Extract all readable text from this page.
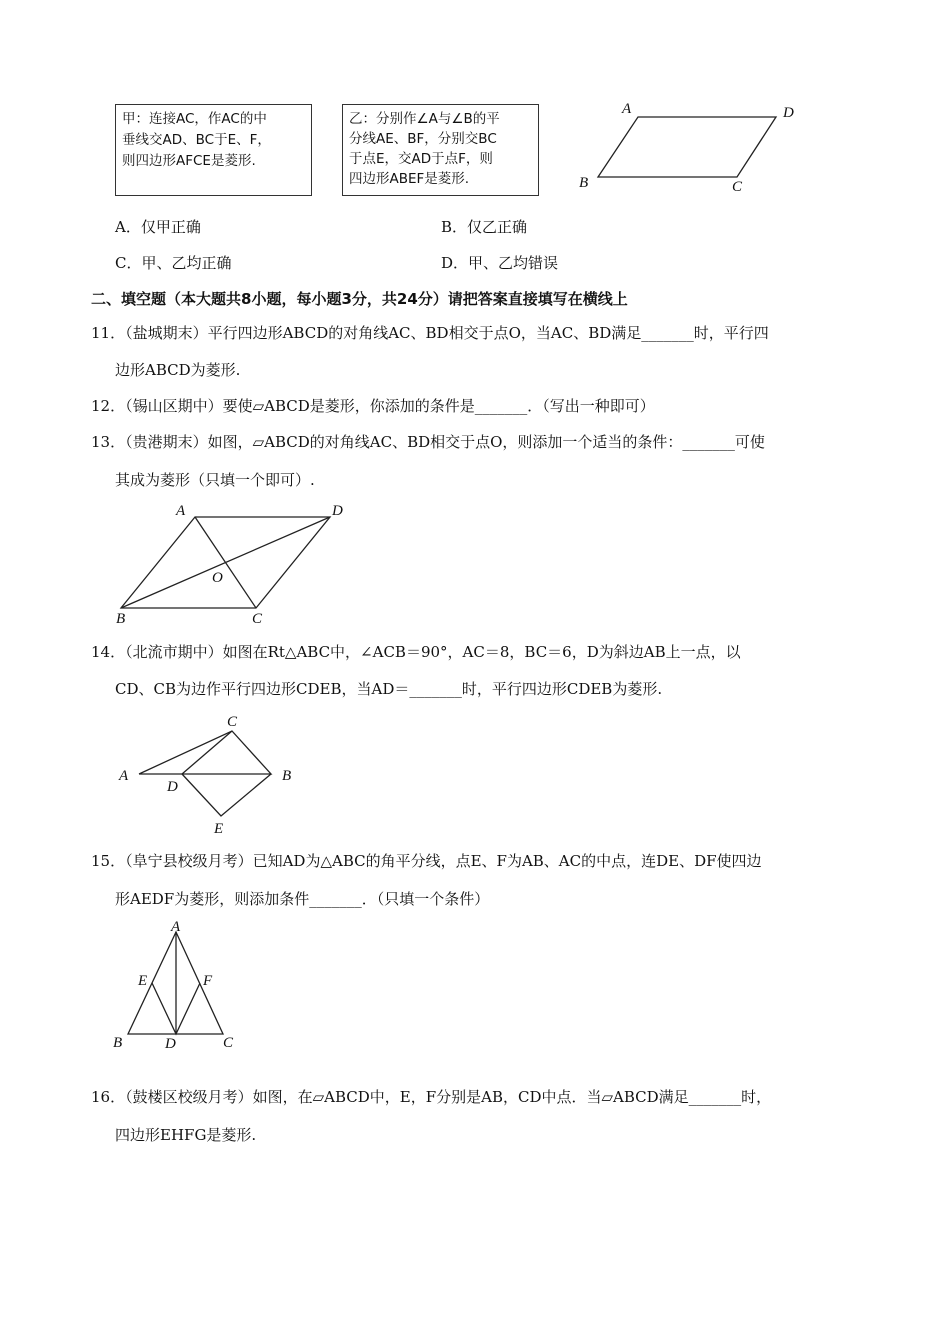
甲：连接AC，作AC的中
垂线交AD、BC于E、F，
则四边形AFCE是菱形.
乙：分别作∠A与∠B的平
分线AE、BF，分别交BC
于点E，交AD于点F，则
四边形ABEF是菱形.
A	D
B	C
A．仅甲正确	B．仅乙正确
C．甲、乙均正确	D．甲、乙均错误
二、填空题（本大题共8小题，每小题3分，共24分）请把答案直接填写在横线上
11．（盐城期末）平行四边形ABCD的对角线AC、BD相交于点O，当AC、BD满足_______时，平行四
边形ABCD为菱形.
12．（锡山区期中）要使▱ABCD是菱形，你添加的条件是_______．（写出一种即可）
13．（贵港期末）如图，▱ABCD的对角线AC、BD相交于点O，则添加一个适当的条件：_______可使
其成为菱形（只填一个即可）.
A	D
B	C
O
14．（北流市期中）如图在Rt△ABC中，∠ACB＝90°，AC＝8，BC＝6，D为斜边AB上一点，以
CD、CB为边作平行四边形CDEB，当AD＝_______时，平行四边形CDEB为菱形.
C
A
D
B
E
15．（阜宁县校级月考）已知AD为△ABC的角平分线，点E、F为AB、AC的中点，连DE、DF使四边
形AEDF为菱形，则添加条件_______．（只填一个条件）
A
E	F
B	D	C
16．（鼓楼区校级月考）如图，在▱ABCD中，E，F分别是AB，CD中点．当▱ABCD满足_______时，
四边形EHFG是菱形.
